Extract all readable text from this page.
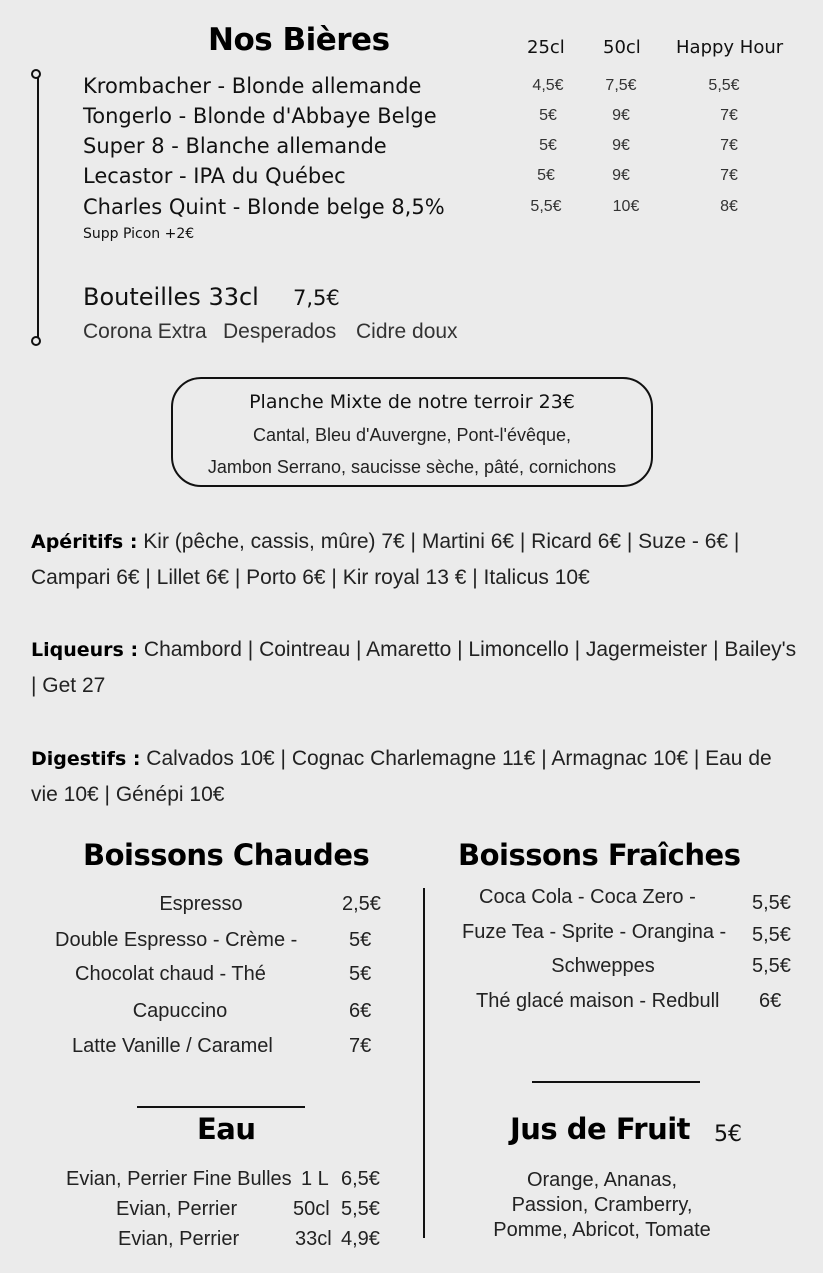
Nos Bières	25cl 50cl Happy Hour
Krombacher - Blonde allemande	4,5€	7,5€	5,5€
Tongerlo - Blonde d'Abbaye Belge	5€	9€	7€
Super 8 - Blanche allemande	5€	9€	7€
Lecastor - IPA du Québec	5€	9€	7€
Charles Quint - Blonde belge 8,5%	5,5€	10€	8€
Supp Picon +2€
Bouteilles 33cl 7,5€
Corona Extra Desperados Cidre doux
Planche Mixte de notre terroir 23€
Cantal, Bleu d'Auvergne, Pont-l'évêque,
Jambon Serrano, saucisse sèche, pâté, cornichons
Apéritifs : Kir (pêche, cassis, mûre) 7€ | Martini 6€ | Ricard 6€ | Suze - 6€ | Campari 6€ | Lillet 6€ | Porto 6€ | Kir royal 13 € | Italicus 10€
Liqueurs : Chambord | Cointreau | Amaretto | Limoncello | Jagermeister | Bailey's | Get 27
Digestifs : Calvados 10€ | Cognac Charlemagne 11€ | Armagnac 10€ | Eau de vie 10€ | Génépi 10€
Boissons Chaudes
Espresso	2,5€
Double Espresso - Crème -	5€
Chocolat chaud - Thé	5€
Capuccino	6€
Latte Vanille / Caramel	7€
Boissons Fraîches
Coca Cola - Coca Zero -	5,5€
Fuze Tea - Sprite - Orangina - 5,5€
Schweppes	5,5€
Thé glacé maison - Redbull 6€
Eau
Evian, Perrier Fine Bulles 1 L 6,5€
Evian, Perrier	50cl 5,5€
Evian, Perrier	33cl 4,9€
Jus de Fruit 5€
Orange, Ananas,
Passion, Cramberry,
Pomme, Abricot, Tomate
